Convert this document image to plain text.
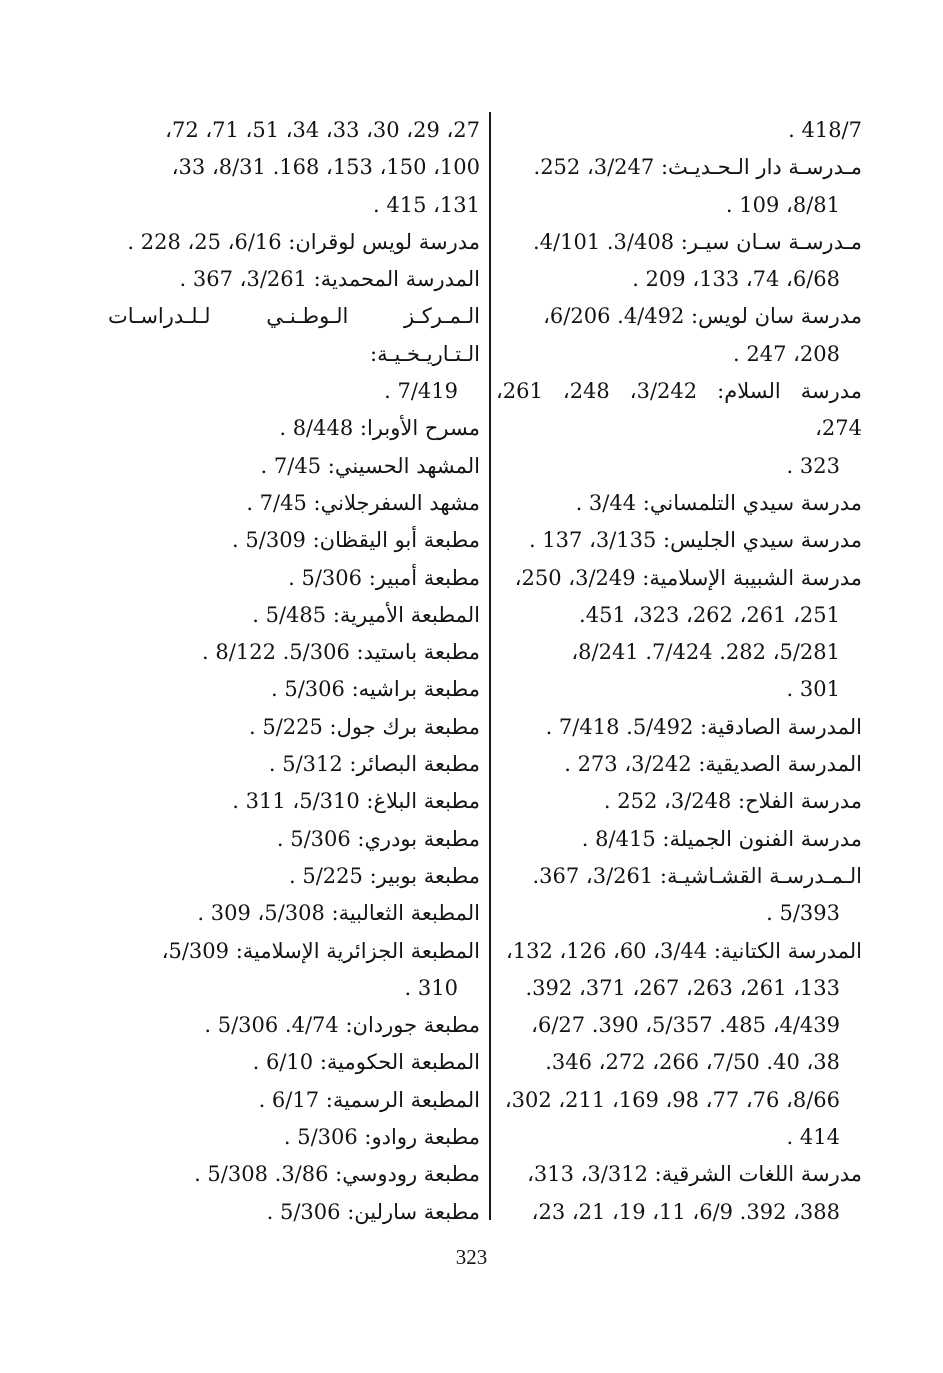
418/7 .
مـدرسـة دار الـحـديـث: 3/247، 252.
8/81، 109 .
مـدرسـة سـان سيـر: 3/408. 4/101.
6/68، 74، 133، 209 .
مدرسة سان لويس: 4/492. 6/206،
208، 247 .
مدرسة السلام: 3/242، 248، 261، 274،
323 .
مدرسة سيدي التلمساني: 3/44 .
مدرسة سيدي الجليس: 3/135، 137 .
مدرسة الشبيبة الإسلامية: 3/249، 250،
251، 261، 262، 323، 451.
5/281، 282. 7/424. 8/241،
301 .
المدرسة الصادقية: 5/492. 7/418 .
المدرسة الصديقية: 3/242، 273 .
مدرسة الفلاح: 3/248، 252 .
مدرسة الفنون الجميلة: 8/415 .
الـمـدرسـة القشـاشيـة: 3/261، 367.
5/393 .
المدرسة الكتانية: 3/44، 60، 126، 132،
133، 261، 263، 267، 371، 392.
4/439، 485. 5/357، 390. 6/27،
38، 40. 7/50، 266، 272، 346.
8/66، 76، 77، 98، 169، 211، 302،
414 .
مدرسة اللغات الشرقية: 3/312، 313،
388، 392. 6/9، 11، 19، 21، 23،
27، 29، 30، 33، 34، 51، 71، 72،
100، 150، 153، 168. 8/31، 33،
131، 415 .
مدرسة لويس لوقران: 6/16، 25، 228 .
المدرسة المحمدية: 3/261، 367 .
الـمـركـز الـوطـنـي لـلـدراسـات الـتـاريـخـيـة:
7/419 .
مسرح الأوبرا: 8/448 .
المشهد الحسيني: 7/45 .
مشهد السفرجلاني: 7/45 .
مطبعة أبو اليقظان: 5/309 .
مطبعة أمبير: 5/306 .
المطبعة الأميرية: 5/485 .
مطبعة باستيد: 5/306. 8/122 .
مطبعة براشيه: 5/306 .
مطبعة برك جول: 5/225 .
مطبعة البصائر: 5/312 .
مطبعة البلاغ: 5/310، 311 .
مطبعة بودري: 5/306 .
مطبعة بوبير: 5/225 .
المطبعة الثعالبية: 5/308، 309 .
المطبعة الجزائرية الإسلامية: 5/309،
310 .
مطبعة جوردان: 4/74. 5/306 .
المطبعة الحكومية: 6/10 .
المطبعة الرسمية: 6/17 .
مطبعة روادو: 5/306 .
مطبعة رودوسي: 3/86. 5/308 .
مطبعة سارلين: 5/306 .
323
